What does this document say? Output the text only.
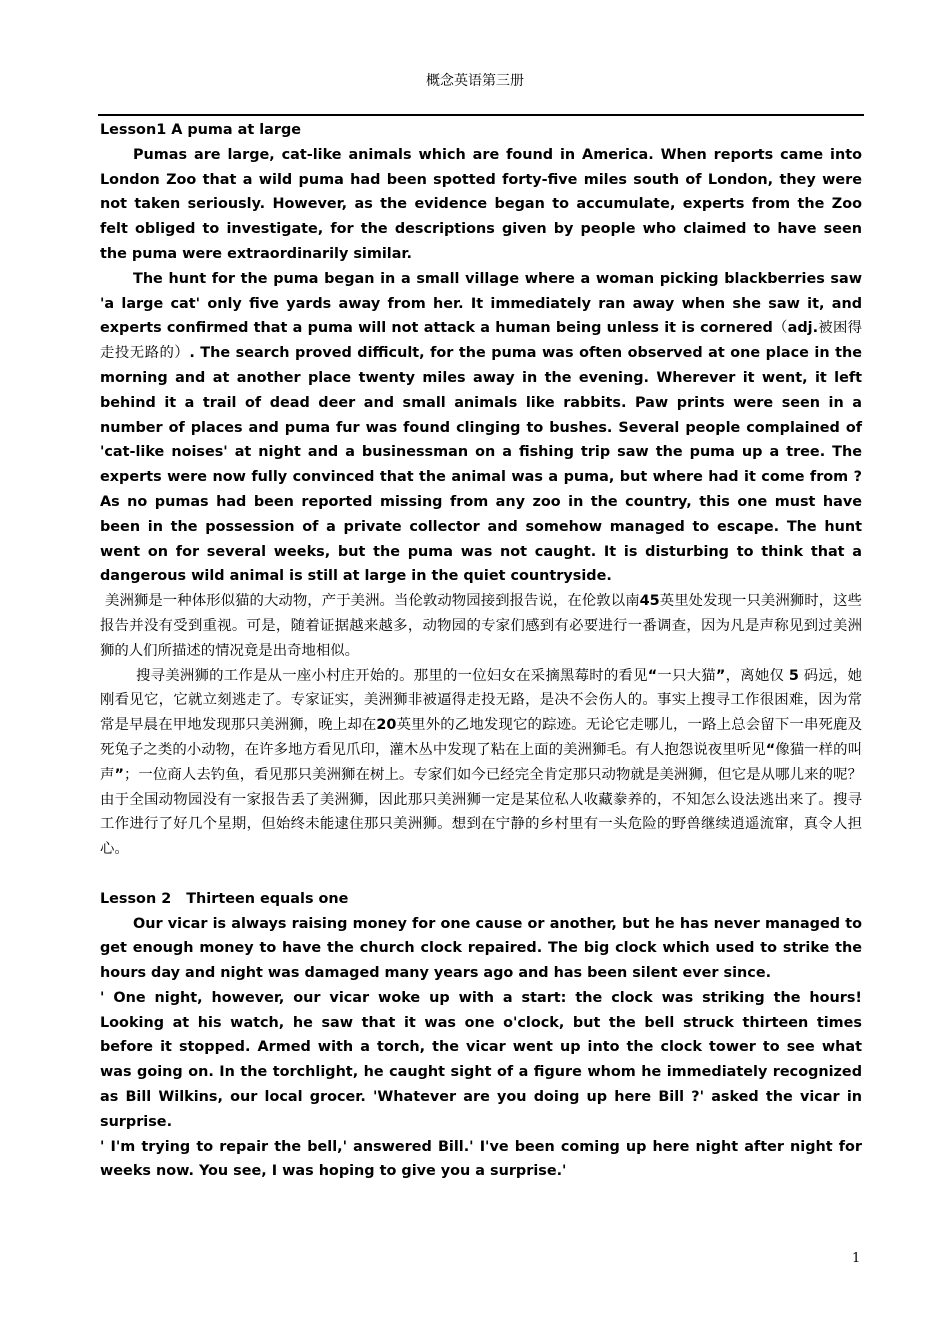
概念英语第三册

Lesson1 A puma at large

Pumas are large, cat-like animals which are found in America. When reports came into London Zoo that a wild puma had been spotted forty-five miles south of London, they were not taken seriously. However, as the evidence began to accumulate, experts from the Zoo felt obliged to investigate, for the descriptions given by people who claimed to have seen the puma were extraordinarily similar.

The hunt for the puma began in a small village where a woman picking blackberries saw 'a large cat' only five yards away from her. It immediately ran away when she saw it, and experts confirmed that a puma will not attack a human being unless it is cornered（adj.被困得走投无路的）. The search proved difficult, for the puma was often observed at one place in the morning and at another place twenty miles away in the evening. Wherever it went, it left behind it a trail of dead deer and small animals like rabbits. Paw prints were seen in a number of places and puma fur was found clinging to bushes. Several people complained of 'cat-like noises' at night and a businessman on a fishing trip saw the puma up a tree. The experts were now fully convinced that the animal was a puma, but where had it come from ? As no pumas had been reported missing from any zoo in the country, this one must have been in the possession of a private collector and somehow managed to escape. The hunt went on for several weeks, but the puma was not caught. It is disturbing to think that a dangerous wild animal is still at large in the quiet countryside.

美洲狮是一种体形似猫的大动物，产于美洲。当伦敦动物园接到报告说，在伦敦以南45英里处发现一只美洲狮时，这些报告并没有受到重视。可是，随着证据越来越多，动物园的专家们感到有必要进行一番调查，因为凡是声称见到过美洲狮的人们所描述的情况竟是出奇地相似。

搜寻美洲狮的工作是从一座小村庄开始的。那里的一位妇女在采摘黑莓时的看见“一只大猫”，离她仅 5 码远，她刚看见它，它就立刻逃走了。专家证实，美洲狮非被逼得走投无路，是决不会伤人的。事实上搜寻工作很困难，因为常常是早晨在甲地发现那只美洲狮，晚上却在20英里外的乙地发现它的踪迹。无论它走哪儿，一路上总会留下一串死鹿及死兔子之类的小动物，在许多地方看见爪印，灌木丛中发现了粘在上面的美洲狮毛。有人抱怨说夜里听见“像猫一样的叫声”；一位商人去钓鱼，看见那只美洲狮在树上。专家们如今已经完全肯定那只动物就是美洲狮，但它是从哪儿来的呢？由于全国动物园没有一家报告丢了美洲狮，因此那只美洲狮一定是某位私人收藏豢养的，不知怎么设法逃出来了。搜寻工作进行了好几个星期，但始终未能逮住那只美洲狮。想到在宁静的乡村里有一头危险的野兽继续逍遥流窜，真令人担心。

Lesson 2   Thirteen equals one

Our vicar is always raising money for one cause or another, but he has never managed to get enough money to have the church clock repaired. The big clock which used to strike the hours day and night was damaged many years ago and has been silent ever since.

' One night, however, our vicar woke up with a start: the clock was striking the hours! Looking at his watch, he saw that it was one o'clock, but the bell struck thirteen times before it stopped. Armed with a torch, the vicar went up into the clock tower to see what was going on. In the torchlight, he caught sight of a figure whom he immediately recognized as Bill Wilkins, our local grocer. 'Whatever are you doing up here Bill ?' asked the vicar in surprise.

' I'm trying to repair the bell,' answered Bill.' I've been coming up here night after night for weeks now. You see, I was hoping to give you a surprise.'

1
